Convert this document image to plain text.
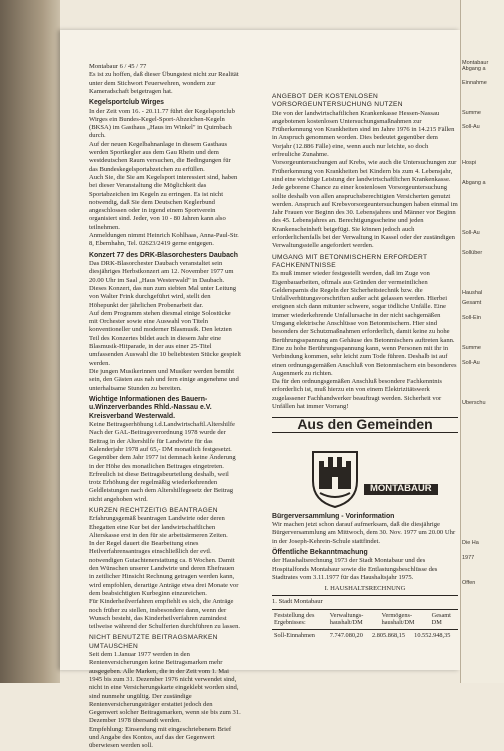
Montabaur 6 / 45 / 77

Es ist zu hoffen, daß dieser Übungstest nicht zur Realität unter dem Stichwort Feuerwehren, wondern zur Kameradschaft beigetragen hat.

Kegelsportclub Wirges

In der Zeit vom 16. - 20.11.77 führt der Kegelsportclub Wirges ein Bundes-Kegel-Sport-Abzeichen-Kegeln (BKSA) im Gasthaus „Haus im Winkel" in Quirnbach durch.

Auf der neuen Kegelbahnanlage in diesem Gasthaus werden Sportkegler aus dem Gau Rhein und dem westdeutschen Raum versuchen, die Bedingungen für das Bundeskegelsportabzeichen zu erfüllen.

Auch Sie, die Sie am Kegelsport interessiert sind, haben bei dieser Veranstaltung die Möglichkeit das Sportabzeichen im Kegeln zu erringen. Es ist nicht notwendig, daß Sie dem Deutschen Keglerbund angeschlossen oder in irgend einem Sportverein organisiert sind. Jeder, von 10 - 80 Jahren kann also teilnehmen.

Anmeldungen nimmt Heinrich Kohlhaas, Anna-Paul-Str. 8, Ebernhahn, Tel. 02623/2419 gerne entgegen.

Konzert 77 des DRK-Blasorchesters Daubach

Das DRK-Blasorchester Daubach veranstaltet sein diesjähriges Herbstkonzert am 12. November 1977 um 20.00 Uhr im Saal „Haus Westerwald" in Daubach. Dieses Konzert, das nun zum siebten Mal unter Leitung von Walter Frink durchgeführt wird, stellt den Höhepunkt der jährlichen Probenarbeit dar.

Auf dem Programm stehen diesmal einige Solostücke mit Orchester sowie eine Auswahl von Titeln konventioneller und moderner Blasmusik. Den letzten Teil des Konzertes bildet auch in diesem Jahr eine Blasmusik-Hitparade, in der aus einer 25-Titel umfassenden Auswahl die 10 beliebtesten Stücke gespielt werden.

Die jungen Musikerinnen und Musiker werden bemüht sein, den Gästen aus nah und fern einige angenehme und unterhaltsame Stunden zu bereiten.

Wichtige Informationen des Bauern- u.Winzerverbandes Rhld.-Nassau e.V. Kreisverband Westerwald.

Keine Beitragserhöhung i.d.Landwirtschaftl.Altershilfe

Nach der GAL-Beitragsverordnung 1978 wurde der Beitrag in der Altershilfe für Landwirte für das Kalenderjahr 1978 auf 65,- DM monatlich festgesetzt.

Gegenüber dem Jahr 1977 ist demnach keine Änderung in der Höhe des monatlichen Beitrages eingetreten. Erfreulich ist diese Beitragsbeurteilung deshalb, weil trotz Erhöhung der regelmäßig wiederkehrenden Geldleistungen nach dem Altershilfegesetz der Beitrag nicht angehoben wird.

KURZEN RECHTZEITIG BEANTRAGEN

Erfahrungsgemäß beantragen Landwirte oder deren Ehegatten eine Kur bei der landwirtschaftlichen Alterskasse erst in den für sie arbeitsärmeren Zeiten.

In der Regel dauert die Bearbeitung eines Heilverfahrensantrages einschließlich der evtl. notwendigen Gutachtenerstattung ca. 8 Wochen. Damit den Wünschen unserer Landwirte und deren Ehefrauen in zeitlicher Hinsicht Rechnung getragen werden kann, wird empfohlen, derartige Anträge etwa drei Monate vor dem beabsichtigten Kurbeginn einzureichen.

Für Kinderheilverfahren empfiehlt es sich, die Anträge noch früher zu stellen, insbesondere dann, wenn der Wunsch besteht, das Kinderheilverfahren zumindest teilweise während der Schulferien durchführen zu lassen.

NICHT BENUTZTE BEITRAGSMARKEN UMTAUSCHEN

Seit dem 1.Januar 1977 werden in den Rentenversicherungen keine Beitragsmarken mehr ausgegeben. Alle Marken, die in der Zeit vom 1. Mai 1945 bis zum 31. Dezember 1976 nicht verwendet sind, nicht in eine Versicherungskarte eingeklebt worden sind, sind nunmehr ungültig. Der zuständige Rentenversicherungsträger erstattet jedoch den Gegenwert solcher Beitragsmarken, wenn sie bis zum 31. Dezember 1978 übersandt werden.

Empfehlung: Einsendung mit eingeschriebenem Brief und Angabe des Kontos, auf das der Gegenwert überwiesen werden soll.

ANGEBOT DER KOSTENLOSEN VORSORGEUNTERSUCHUNG NUTZEN

Die von der landwirtschaftlichen Krankenkasse Hessen-Nassau angebotenen kostenlosen Untersuchungsmaßnahmen zur Früherkennung von Krankheiten sind im Jahre 1976 in 14.215 Fällen in Anspruch genommen worden. Dies bedeutet gegenüber dem Vorjahr (12.886 Fälle) eine, wenn auch nur leichte, so doch erfreuliche Zunahme.

Vorsorgeuntersuchungen auf Krebs, wie auch die Untersuchungen zur Früherkennung von Krankheiten bei Kindern bis zum 4. Lebensjahr, sind eine wichtige Leistung der landwirtschaftlichen Krankenkasse.

Jede geborene Chance zu einer kostenlosen Vorsorgeuntersuchung sollte deshalb von allen anspruchsberechtigten Versicherten genutzt werden. Anspruch auf Krebsvorsorgeuntersuchungen haben einmal im Jahr Frauen vor Beginn des 30. Lebensjahres und Männer vor Beginn des 45. Lebensjahres an. Berechtigungsscheine und jeden Krankenscheinheft beigefügt. Sie können jedoch auch erforderlichenfalls bei der Verwaltung in Kassel oder der zuständigen Verwaltungsstelle angefordert werden.

UMGANG MIT BETONMISCHERN ERFORDERT FACHKENNTNISSE

Es muß immer wieder festgestellt werden, daß im Zuge von Eigenbauarbeiten, oftmals aus Gründen der vermeintlichen Geldersparnis die Regeln der Sicherheitstechnik bzw. die Unfallverhütungsvorschriften außer acht gelassen werden. Hierbei ereignen sich dann mitunter schwere, sogar tödliche Unfälle. Eine immer wiederkehrende Unfallursache in der nicht sachgemäßen Umgang elektrische Anschlüsse von Betonmischern. Hier sind besonders der Schutzmaßnahmen erforderlich, damit keine zu hohe Berührungsspannung am Gehäuse des Betonmischers auftreten kann. Eine zu hohe Berührungsspannung kann, wenn Personen mit ihr in Verbindung kommen, sehr leicht zum Tode führen. Deshalb ist auf einen ordnungsgemäßen Anschluß von Betonmischern ein besonderes Augenmerk zu richten.

Da für den ordnungsgemäßen Anschluß besondere Fachkenntnis erforderlich ist, muß hierzu ein von einem Elektrizitätswerk zugelassener Fachhandwerker beauftragt werden. Sicherheit vor Unfällen hat immer Vorrang!

Aus den Gemeinden
MONTABAUR
Bürgerversammlung - Vorinformation

Wir machen jetzt schon darauf aufmerksam, daß die diesjährige Bürgerversammlung am Mittwoch, dem 30. Nov. 1977 um 20.00 Uhr in der Joseph-Kehrein-Schule stattfindet.

Öffentliche Bekanntmachung

der Haushaltsrechnung 1973 der Stadt Montabaur und des Hospitalfonds Montabaur sowie die Entlastungsbeschlüsse des Stadtrates vom 3.11.1977 für das Haushaltsjahr 1975.

I. HAUSHALTSRECHNUNG
1. Stadt Montabaur
Feststellung des Ergebnisses:	Verwaltungs-haushalt/DM	Vermögens-haushalt/DM	Gesamt DM
Soll-Einnahmen	7.747.080,20	2.805.868,15	10.552.948,35
Montabaur
Abgang a
Einnahme
Summe
Soll-Au
Hospi
Abgang a
Soll-Au
Sollüber
Haushal
Gesamt
Soll-Ein
Summe
Soll-Au
Überschu
Die Ha
1977
Öffen
